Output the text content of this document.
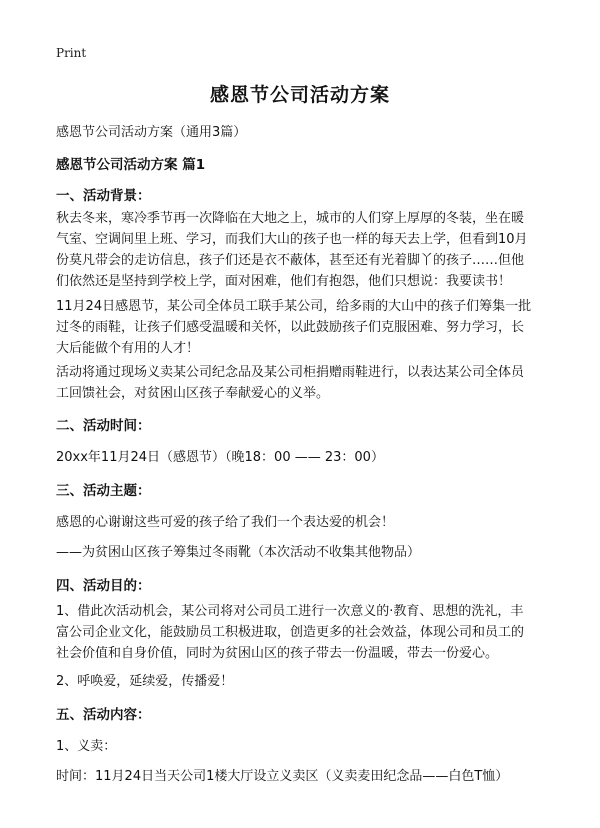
Print
感恩节公司活动方案
感恩节公司活动方案（通用3篇）
感恩节公司活动方案 篇1
一、活动背景：
秋去冬来，寒冷季节再一次降临在大地之上，城市的人们穿上厚厚的冬装，坐在暖
气室、空调间里上班、学习，而我们大山的孩子也一样的每天去上学，但看到10月
份莫凡带会的走访信息，孩子们还是衣不蔽体，甚至还有光着脚丫的孩子……但他
们依然还是坚持到学校上学，面对困难，他们有抱怨，他们只想说：我要读书！
11月24日感恩节，某公司全体员工联手某公司，给多雨的大山中的孩子们筹集一批
过冬的雨鞋，让孩子们感受温暖和关怀，以此鼓励孩子们克服困难、努力学习，长
大后能做个有用的人才！
活动将通过现场义卖某公司纪念品及某公司柜捐赠雨鞋进行，以表达某公司全体员
工回馈社会，对贫困山区孩子奉献爱心的义举。
二、活动时间：
20xx年11月24日（感恩节）（晚18：00 —— 23：00）
三、活动主题：
感恩的心谢谢这些可爱的孩子给了我们一个表达爱的机会！
——为贫困山区孩子筹集过冬雨靴（本次活动不收集其他物品）
四、活动目的：
1、借此次活动机会，某公司将对公司员工进行一次意义的·教育、思想的洗礼，丰
富公司企业文化，能鼓励员工积极进取，创造更多的社会效益，体现公司和员工的
社会价值和自身价值，同时为贫困山区的孩子带去一份温暖，带去一份爱心。
2、呼唤爱，延续爱，传播爱！
五、活动内容：
1、义卖：
时间：11月24日当天公司1楼大厅设立义卖区（义卖麦田纪念品——白色T恤）
